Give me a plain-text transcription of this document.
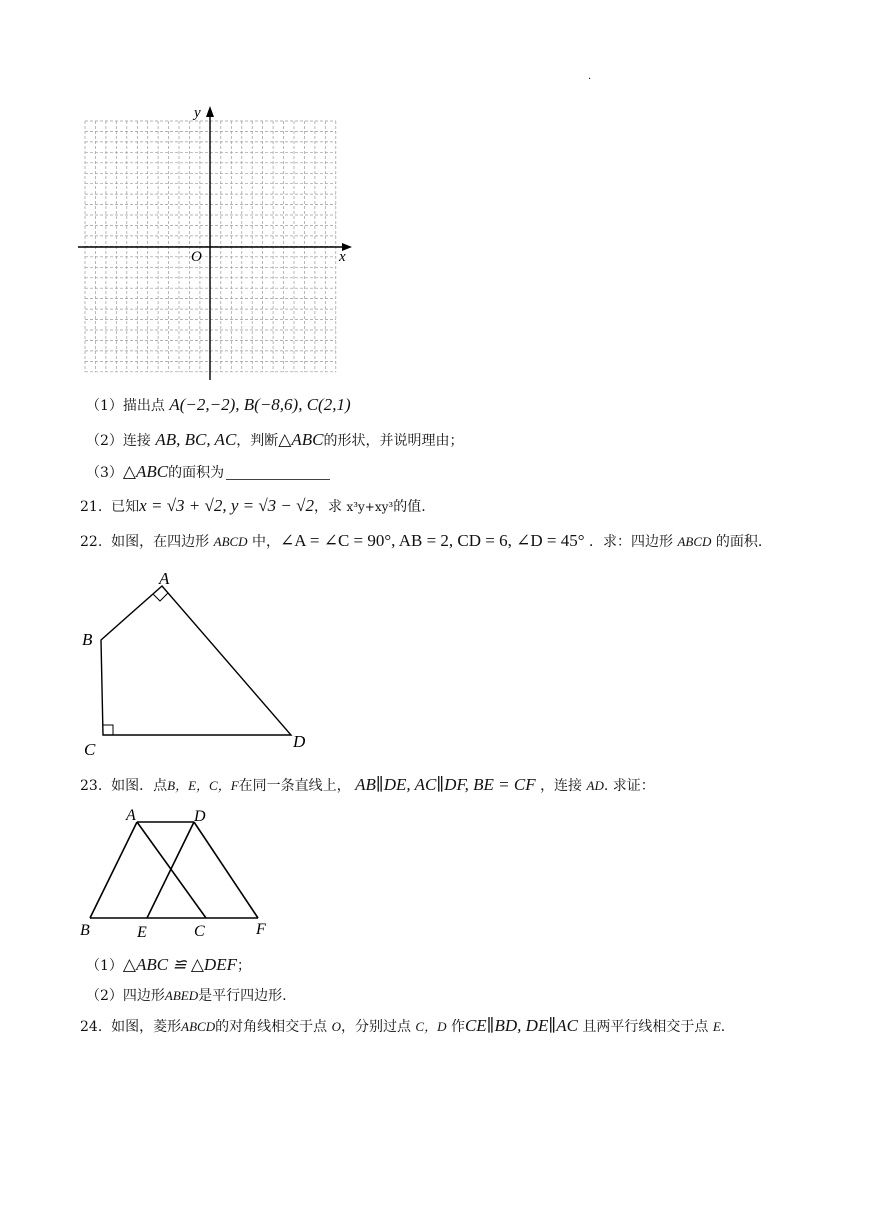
·
x
y
O
（1）描出点 A(−2,−2), B(−8,6), C(2,1)
（2）连接 AB, BC, AC，判断△ABC的形状，并说明理由；
（3）△ABC的面积为
21. 已知x = √3 + √2, y = √3 − √2，求 x³y+xy³的值.
22. 如图，在四边形 ABCD 中，∠A = ∠C = 90°, AB = 2, CD = 6, ∠D = 45° ．求：四边形 ABCD 的面积.
A
B
C	D
23. 如图．点B，E，C，F在同一条直线上， AB∥DE, AC∥DF, BE = CF ，连接 AD. 求证：
A	D
B	E	C	F
（1）△ABC ≌ △DEF；
（2）四边形ABED是平行四边形.
24. 如图，菱形ABCD的对角线相交于点 O，分别过点 C，D 作CE∥BD, DE∥AC 且两平行线相交于点 E.
